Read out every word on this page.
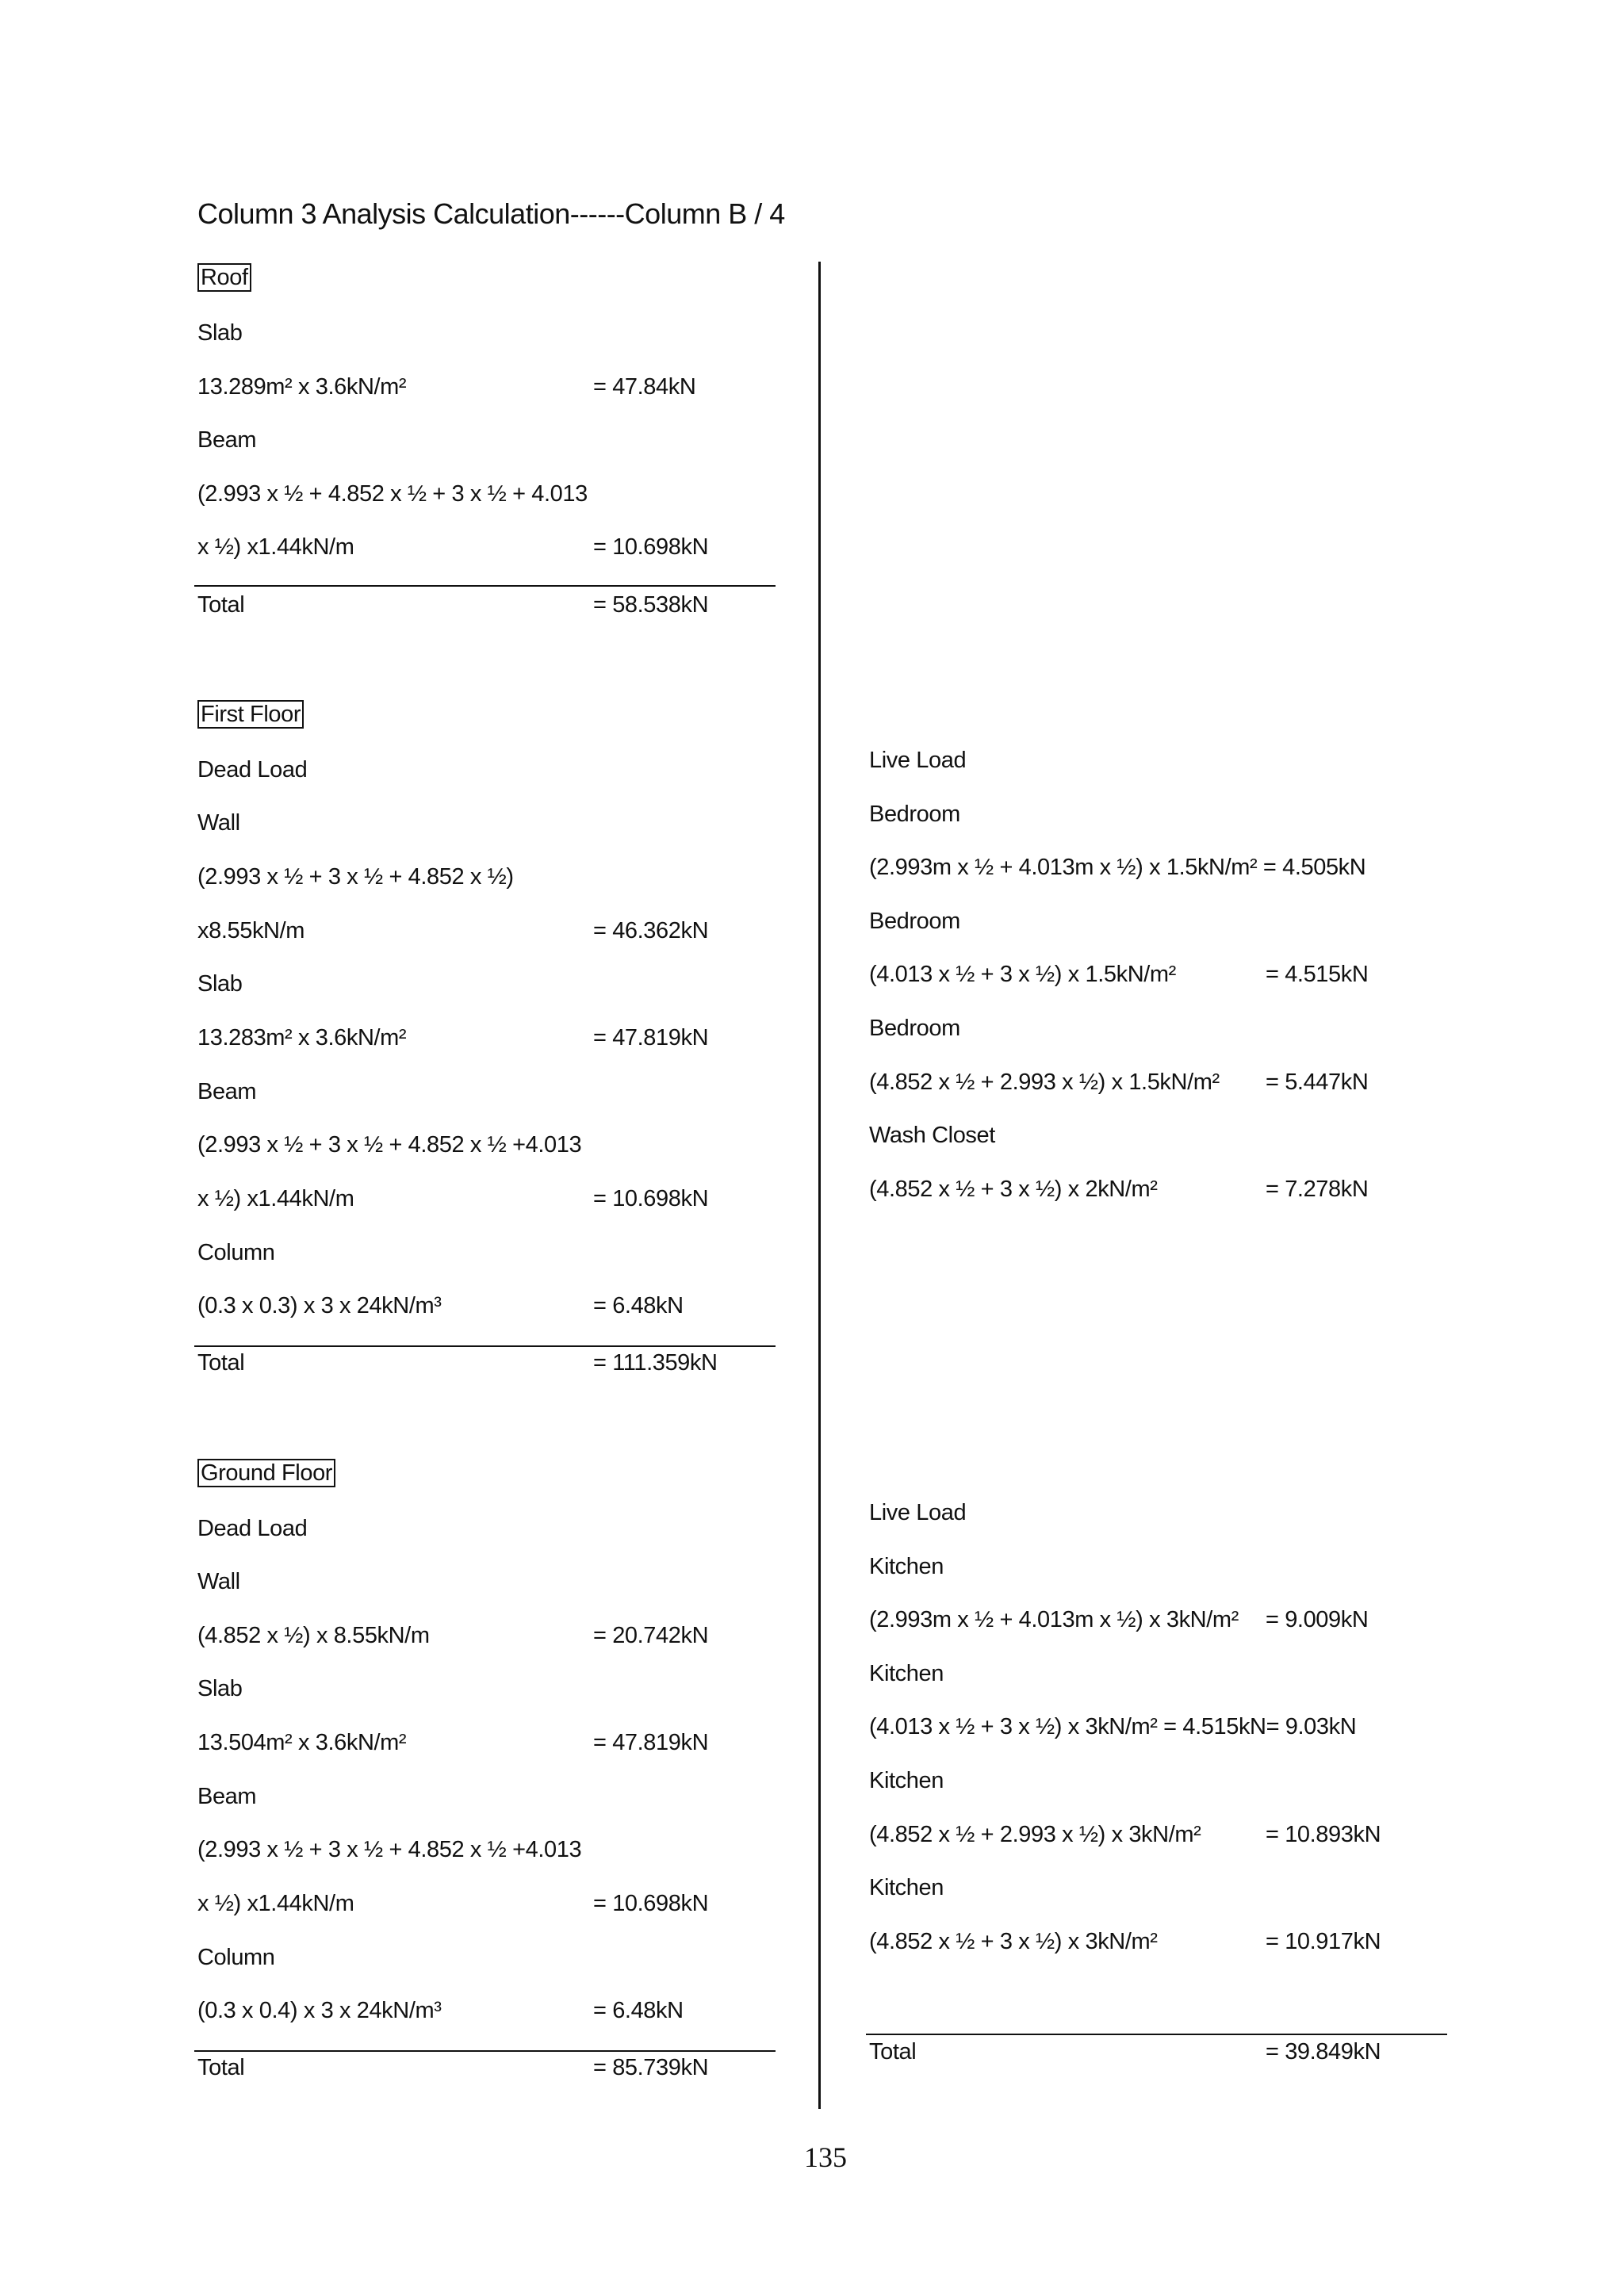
Column 3 Analysis Calculation------Column B / 4
Roof
Slab
13.289m² x 3.6kN/m²	= 47.84kN
Beam
(2.993 x ½ + 4.852 x ½ + 3 x ½ + 4.013
x ½) x1.44kN/m	= 10.698kN
Total	= 58.538kN
First Floor
Dead Load
Wall
(2.993 x ½ + 3 x ½ + 4.852 x ½)
x8.55kN/m	= 46.362kN
Slab
13.283m² x 3.6kN/m²	= 47.819kN
Beam
(2.993 x ½ + 3 x ½ + 4.852 x ½ +4.013
x ½) x1.44kN/m	= 10.698kN
Column
(0.3 x 0.3) x 3 x 24kN/m³	= 6.48kN
Total	= 111.359kN
Live Load
Bedroom
(2.993m x ½ + 4.013m x ½) x 1.5kN/m² = 4.505kN
Bedroom
(4.013 x ½ + 3 x ½) x 1.5kN/m²	= 4.515kN
Bedroom
(4.852 x ½ + 2.993 x ½) x 1.5kN/m² = 5.447kN
Wash Closet
(4.852 x ½ + 3 x ½) x 2kN/m²	= 7.278kN
Ground Floor
Dead Load
Wall
(4.852 x ½) x 8.55kN/m	= 20.742kN
Slab
13.504m² x 3.6kN/m²	= 47.819kN
Beam
(2.993 x ½ + 3 x ½ + 4.852 x ½ +4.013
x ½) x1.44kN/m	= 10.698kN
Column
(0.3 x 0.4) x 3 x 24kN/m³	= 6.48kN
Total	= 85.739kN
Live Load
Kitchen
(2.993m x ½ + 4.013m x ½) x 3kN/m² = 9.009kN
Kitchen
(4.013 x ½ + 3 x ½) x 3kN/m² = 4.515kN= 9.03kN
Kitchen
(4.852 x ½ + 2.993 x ½) x 3kN/m²	= 10.893kN
Kitchen
(4.852 x ½ + 3 x ½) x 3kN/m²	= 10.917kN
Total	= 39.849kN
135
